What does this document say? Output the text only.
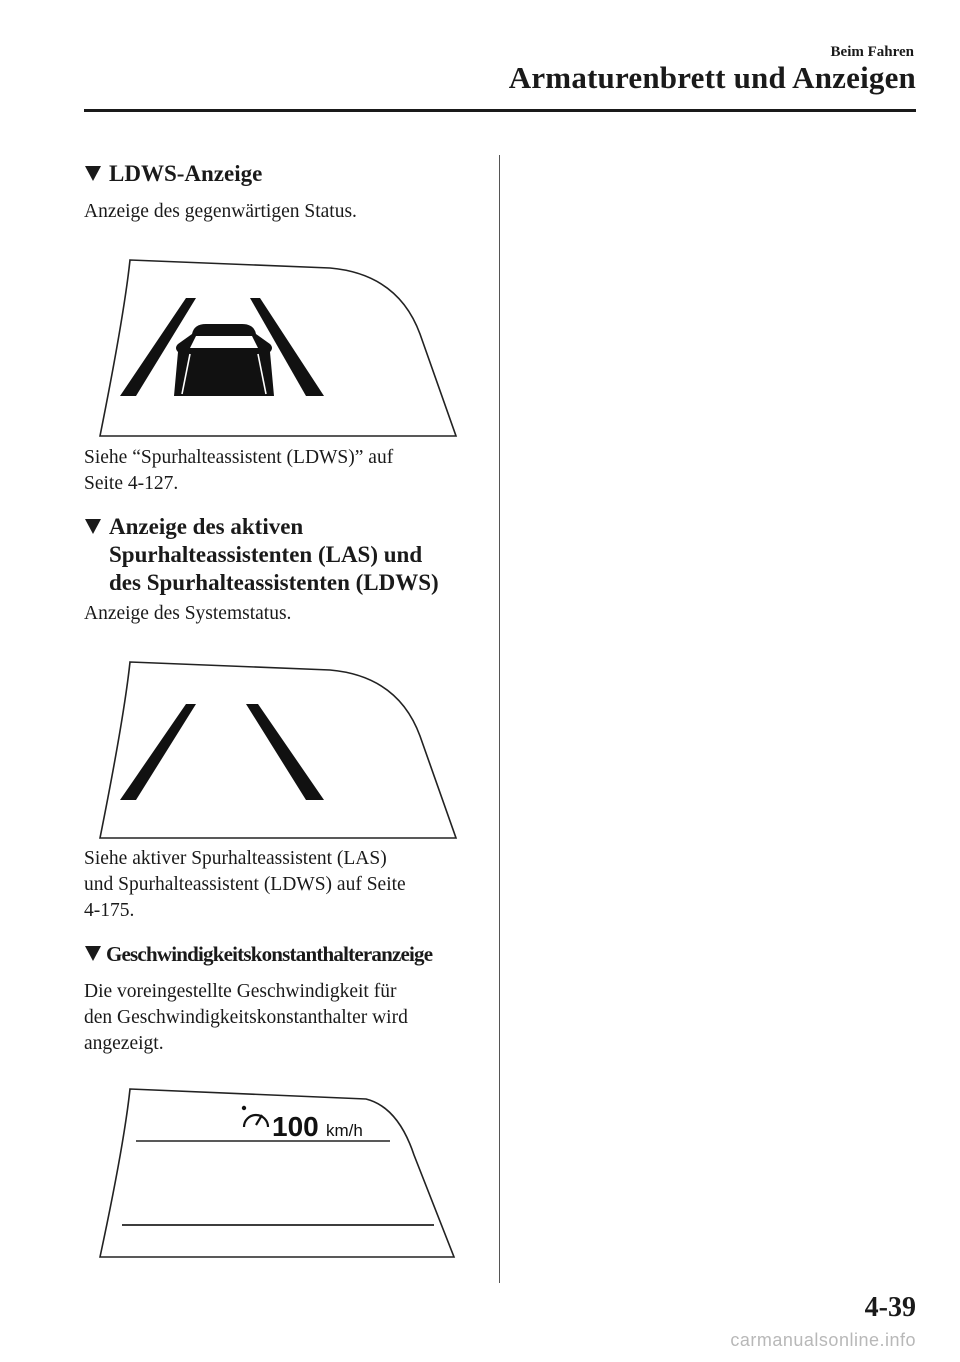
Beim Fahren
Armaturenbrett und Anzeigen
LDWS-Anzeige
Anzeige des gegenwärtigen Status.
Siehe “Spurhalteassistent (LDWS)” auf
Seite 4-127.
Anzeige des aktiven
Spurhalteassistenten (LAS) und
des Spurhalteassistenten (LDWS)
Anzeige des Systemstatus.
Siehe aktiver Spurhalteassistent (LAS)
und Spurhalteassistent (LDWS) auf Seite
4-175.
Geschwindigkeitskonstanthalteranzeige
Die voreingestellte Geschwindigkeit für
den Geschwindigkeitskonstanthalter wird
angezeigt.
100 km/h
4-39
carmanualsonline.info
